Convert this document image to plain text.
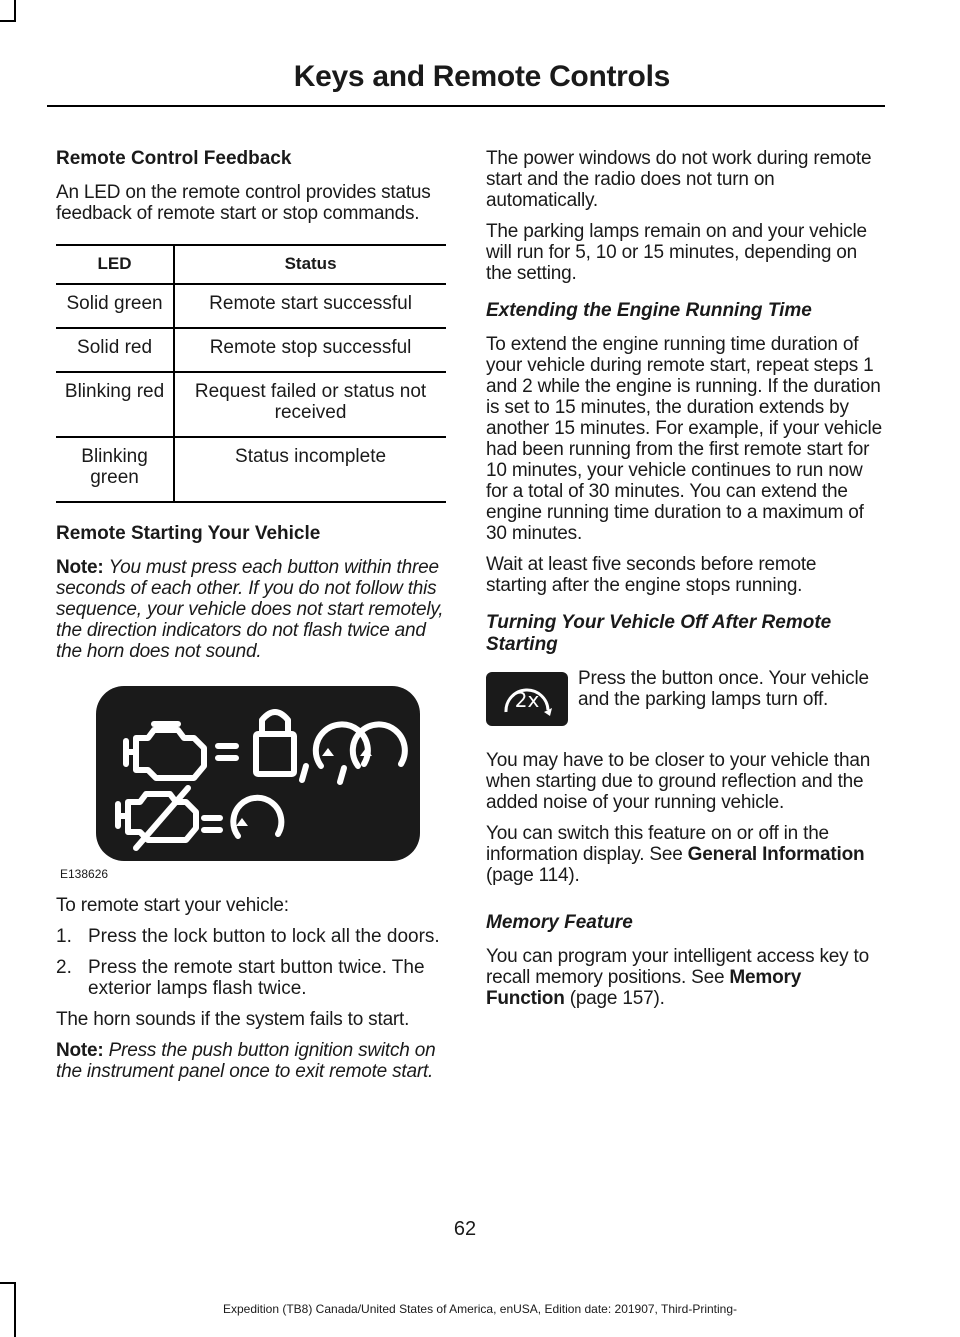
Keys and Remote Controls
Remote Control Feedback

An LED on the remote control provides status feedback of remote start or stop commands.

LED	Status
Solid green	Remote start successful
Solid red	Remote stop successful
Blinking red	Request failed or status not received
Blinking green	Status incomplete
Remote Starting Your Vehicle

Note: You must press each button within three seconds of each other. If you do not follow this sequence, your vehicle does not start remotely, the direction indicators do not flash twice and the horn does not sound.

E138626

To remote start your vehicle:

1. Press the lock button to lock all the doors.
2. Press the remote start button twice. The exterior lamps flash twice.

The horn sounds if the system fails to start.

Note: Press the push button ignition switch on the instrument panel once to exit remote start.

The power windows do not work during remote start and the radio does not turn on automatically.

The parking lamps remain on and your vehicle will run for 5, 10 or 15 minutes, depending on the setting.

Extending the Engine Running Time

To extend the engine running time duration of your vehicle during remote start, repeat steps 1 and 2 while the engine is running. If the duration is set to 15 minutes, the duration extends by another 15 minutes. For example, if your vehicle had been running from the first remote start for 10 minutes, your vehicle continues to run now for a total of 30 minutes. You can extend the engine running time duration to a maximum of 30 minutes.

Wait at least five seconds before remote starting after the engine stops running.

Turning Your Vehicle Off After Remote Starting
2x

Press the button once. Your vehicle and the parking lamps turn off.

You may have to be closer to your vehicle than when starting due to ground reflection and the added noise of your running vehicle.

You can switch this feature on or off in the information display. See General Information (page 114).

Memory Feature

You can program your intelligent access key to recall memory positions. See Memory Function (page 157).

62
Expedition (TB8) Canada/United States of America, enUSA, Edition date: 201907, Third-Printing-
